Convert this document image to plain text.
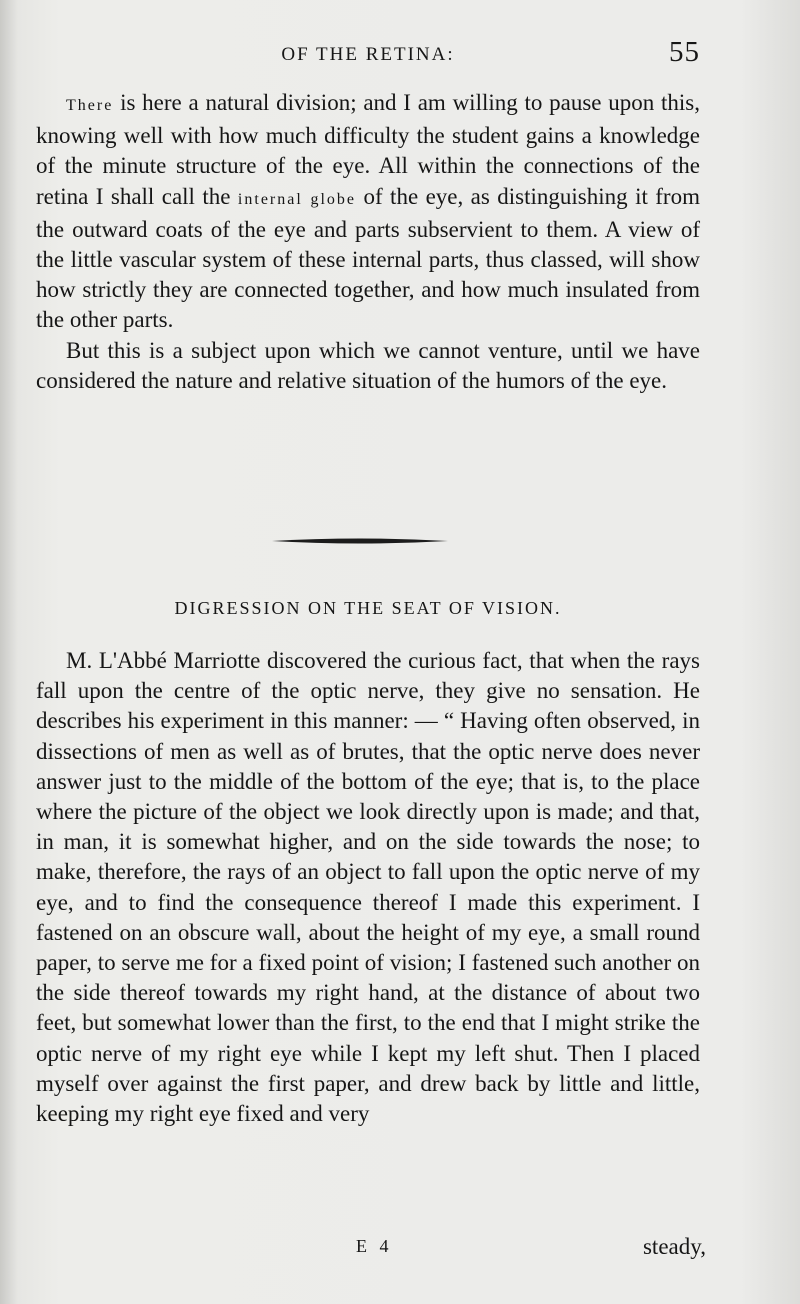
OF THE RETINA:	55

There is here a natural division; and I am willing to pause upon this, knowing well with how much difficulty the student gains a knowledge of the minute structure of the eye. All within the connections of the retina I shall call the internal globe of the eye, as distinguishing it from the outward coats of the eye and parts subservient to them. A view of the little vascular system of these internal parts, thus classed, will show how strictly they are connected together, and how much insulated from the other parts.

But this is a subject upon which we cannot venture, until we have considered the nature and relative situation of the humors of the eye.

DIGRESSION ON THE SEAT OF VISION.

M. L'Abbé Marriotte discovered the curious fact, that when the rays fall upon the centre of the optic nerve, they give no sensation. He describes his experiment in this manner: — “ Having often observed, in dissections of men as well as of brutes, that the optic nerve does never answer just to the middle of the bottom of the eye; that is, to the place where the picture of the object we look directly upon is made; and that, in man, it is somewhat higher, and on the side towards the nose; to make, therefore, the rays of an object to fall upon the optic nerve of my eye, and to find the consequence thereof I made this experiment. I fastened on an obscure wall, about the height of my eye, a small round paper, to serve me for a fixed point of vision; I fastened such another on the side thereof towards my right hand, at the distance of about two feet, but somewhat lower than the first, to the end that I might strike the optic nerve of my right eye while I kept my left shut. Then I placed myself over against the first paper, and drew back by little and little, keeping my right eye fixed and very

E 4	steady,
